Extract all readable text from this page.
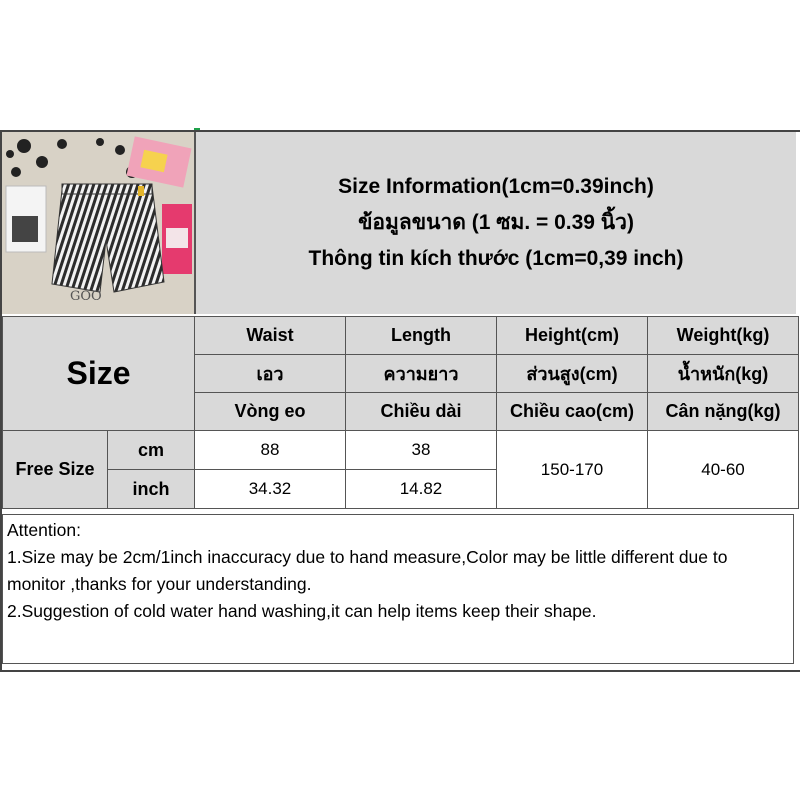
GOO
Size Information(1cm=0.39inch)
ข้อมูลขนาด (1 ซม. = 0.39 นิ้ว)
Thông tin kích thước (1cm=0,39 inch)
Size		Waist	Length	Height(cm)	Weight(kg)
		เอว	ความยาว	ส่วนสูง(cm)	น้ำหนัก(kg)
		Vòng eo	Chiều dài	Chiều cao(cm)	Cân nặng(kg)
Free Size	cm	88	38	150-170	40-60
	inch	34.32	14.82		

Attention:

1.Size may be 2cm/1inch inaccuracy due to hand measure,Color may be little different due to monitor ,thanks for your understanding.

2.Suggestion of cold water hand washing,it can help items keep their shape.
